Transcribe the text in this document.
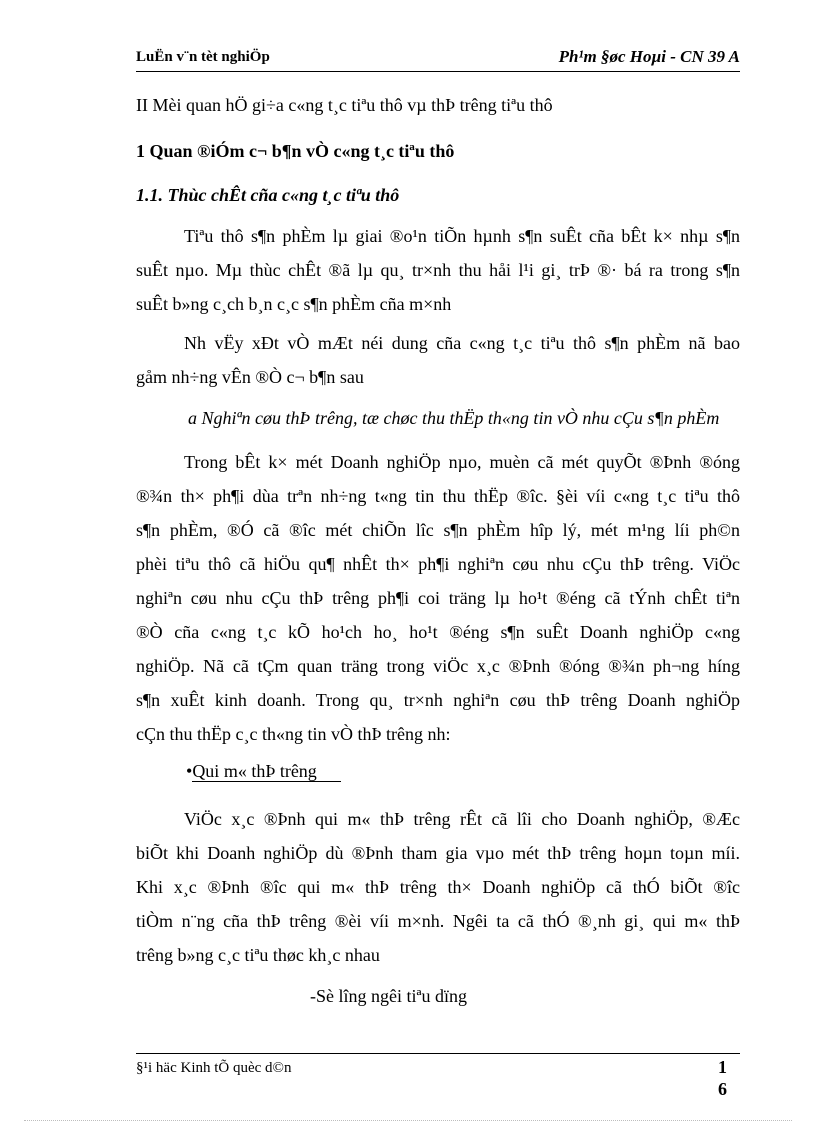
LuËn v¨n tèt nghiÖp	Ph¹m §øc Hoµi - CN 39 A
II Mèi quan hÖ gi÷a c«ng t¸c tiªu thô vµ thÞ trêng tiªu thô
1 Quan ®iÓm c¬ b¶n vÒ c«ng t¸c tiªu thô
1.1. Thùc chÊt cña c«ng t¸c tiªu thô
Tiªu thô s¶n phÈm lµ giai ®o¹n tiÕn hµnh s¶n suÊt cña bÊt k× nhµ s¶n
suÊt nµo. Mµ thùc chÊt ®ã lµ qu¸ tr×nh thu håi l¹i gi¸ trÞ ®· bá ra trong s¶n
suÊt b»ng c¸ch b¸n c¸c s¶n phÈm cña m×nh
Nh vËy xÐt vÒ mÆt néi dung cña c«ng t¸c tiªu thô s¶n phÈm nã bao
gåm nh÷ng vÊn ®Ò c¬ b¶n sau
a Nghiªn cøu thÞ trêng, tæ chøc thu thËp th«ng tin vÒ nhu cÇu s¶n phÈm
Trong bÊt k× mét Doanh nghiÖp nµo, muèn cã mét quyÕt ®Þnh ®óng
®¾n th× ph¶i dùa trªn nh÷ng t«ng tin thu thËp ®îc. §èi víi c«ng t¸c tiªu thô
s¶n phÈm, ®Ó cã ®îc mét chiÕn lîc s¶n phÈm hîp lý, mét m¹ng líi ph©n
phèi tiªu thô cã hiÖu qu¶ nhÊt th× ph¶i nghiªn cøu nhu cÇu thÞ trêng. ViÖc
nghiªn cøu nhu cÇu thÞ trêng ph¶i coi träng lµ ho¹t ®éng cã tÝnh chÊt tiªn
®Ò cña c«ng t¸c kÕ ho¹ch ho¸ ho¹t ®éng s¶n suÊt Doanh nghiÖp c«ng
nghiÖp. Nã cã tÇm quan träng trong viÖc x¸c ®Þnh ®óng ®¾n ph¬ng híng
s¶n xuÊt kinh doanh. Trong qu¸ tr×nh nghiªn cøu thÞ trêng Doanh nghiÖp
cÇn thu thËp c¸c th«ng tin vÒ thÞ trêng nh:
•Qui m« thÞ trêng
ViÖc x¸c ®Þnh qui m« thÞ trêng rÊt cã lîi cho Doanh nghiÖp, ®Æc
biÕt khi Doanh nghiÖp dù ®Þnh tham gia vµo mét thÞ trêng hoµn toµn míi.
Khi x¸c ®Þnh ®îc qui m« thÞ trêng th× Doanh nghiÖp cã thÓ biÕt ®îc
tiÒm n¨ng cña thÞ trêng ®èi víi m×nh. Ngêi ta cã thÓ ®¸nh gi¸ qui m« thÞ
trêng b»ng c¸c tiªu thøc kh¸c nhau
-Sè lîng ngêi tiªu dïng
§¹i häc Kinh tÕ quèc d©n	1
6
